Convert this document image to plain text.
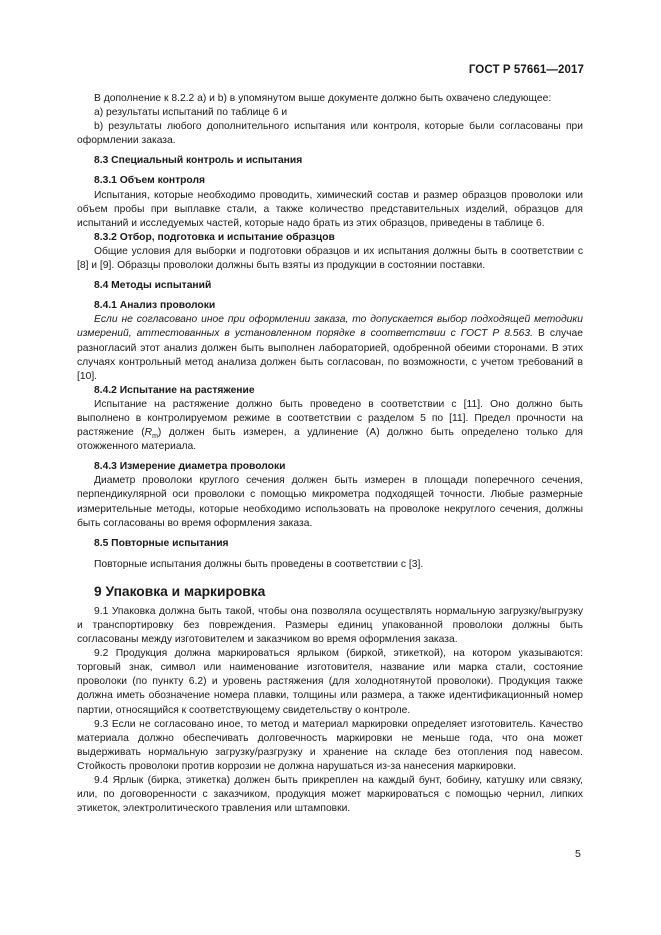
ГОСТ Р 57661—2017

В дополнение к 8.2.2 а) и b) в упомянутом выше документе должно быть охвачено следующее:

а) результаты испытаний по таблице 6 и

b) результаты любого дополнительного испытания или контроля, которые были согласованы при оформлении заказа.

8.3 Специальный контроль и испытания

8.3.1 Объем контроля

Испытания, которые необходимо проводить, химический состав и размер образцов проволоки или объем пробы при выплавке стали, а также количество представительных изделий, образцов для испытаний и исследуемых частей, которые надо брать из этих образцов, приведены в таблице 6.

8.3.2 Отбор, подготовка и испытание образцов

Общие условия для выборки и подготовки образцов и их испытания должны быть в соответствии с [8] и [9]. Образцы проволоки должны быть взяты из продукции в состоянии поставки.

8.4 Методы испытаний

8.4.1 Анализ проволоки

Если не согласовано иное при оформлении заказа, то допускается выбор подходящей методики измерений, аттестованных в установленном порядке в соответствии с ГОСТ Р 8.563. В случае разногласий этот анализ должен быть выполнен лабораторией, одобренной обеими сторонами. В этих случаях контрольный метод анализа должен быть согласован, по возможности, с учетом требований в [10].

8.4.2 Испытание на растяжение

Испытание на растяжение должно быть проведено в соответствии с [11]. Оно должно быть выполнено в контролируемом режиме в соответствии с разделом 5 по [11]. Предел прочности на растяжение $(R_m)$ должен быть измерен, а удлинение (А) должно быть определено только для отожженного материала.

8.4.3 Измерение диаметра проволоки

Диаметр проволоки круглого сечения должен быть измерен в площади поперечного сечения, перпендикулярной оси проволоки с помощью микрометра подходящей точности. Любые размерные измерительные методы, которые необходимо использовать на проволоке некруглого сечения, должны быть согласованы во время оформления заказа.

8.5 Повторные испытания

Повторные испытания должны быть проведены в соответствии с [3].

9 Упаковка и маркировка

9.1 Упаковка должна быть такой, чтобы она позволяла осуществлять нормальную загрузку/выгрузку и транспортировку без повреждения. Размеры единиц упакованной проволоки должны быть согласованы между изготовителем и заказчиком во время оформления заказа.

9.2 Продукция должна маркироваться ярлыком (биркой, этикеткой), на котором указываются: торговый знак, символ или наименование изготовителя, название или марка стали, состояние проволоки (по пункту 6.2) и уровень растяжения (для холоднотянутой проволоки). Продукция также должна иметь обозначение номера плавки, толщины или размера, а также идентификационный номер партии, относящийся к соответствующему свидетельству о контроле.

9.3 Если не согласовано иное, то метод и материал маркировки определяет изготовитель. Качество материала должно обеспечивать долговечность маркировки не меньше года, что она может выдерживать нормальную загрузку/разгрузку и хранение на складе без отопления под навесом. Стойкость проволоки против коррозии не должна нарушаться из-за нанесения маркировки.

9.4 Ярлык (бирка, этикетка) должен быть прикреплен на каждый бунт, бобину, катушку или связку, или, по договоренности с заказчиком, продукция может маркироваться с помощью чернил, липких этикеток, электролитического травления или штамповки.

5
